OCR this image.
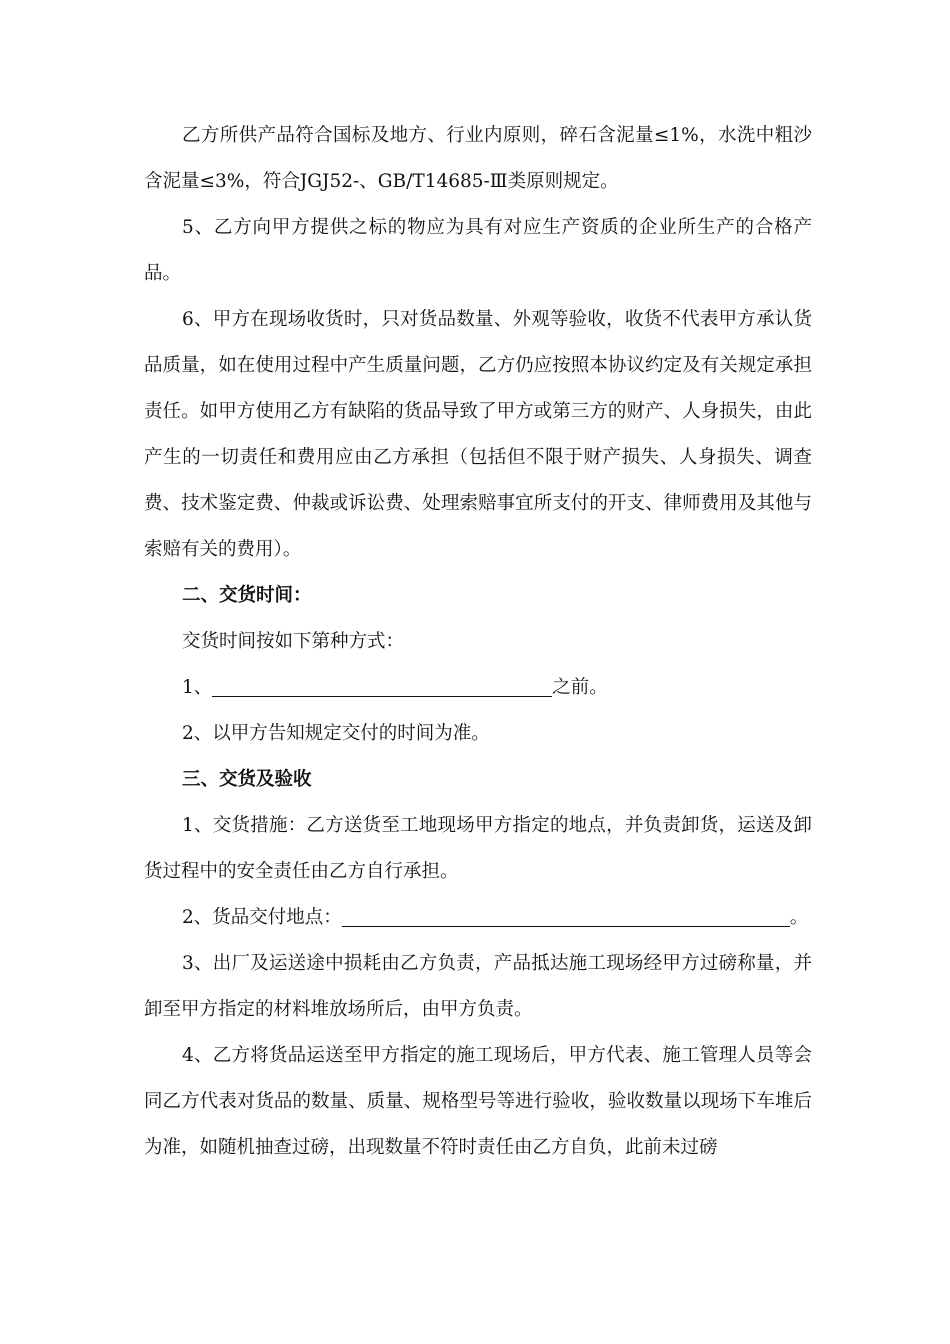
乙方所供产品符合国标及地方、行业内原则，碎石含泥量≤1%，水洗中粗沙含泥量≤3%，符合JGJ52-、GB/T14685-Ⅲ类原则规定。

5、乙方向甲方提供之标的物应为具有对应生产资质的企业所生产的合格产品。

6、甲方在现场收货时，只对货品数量、外观等验收，收货不代表甲方承认货品质量，如在使用过程中产生质量问题，乙方仍应按照本协议约定及有关规定承担责任。如甲方使用乙方有缺陷的货品导致了甲方或第三方的财产、人身损失，由此产生的一切责任和费用应由乙方承担（包括但不限于财产损失、人身损失、调查费、技术鉴定费、仲裁或诉讼费、处理索赔事宜所支付的开支、律师费用及其他与索赔有关的费用）。

二、交货时间：

交货时间按如下第种方式：

1、	之前。

2、以甲方告知规定交付的时间为准。

三、交货及验收

1、交货措施：乙方送货至工地现场甲方指定的地点，并负责卸货，运送及卸货过程中的安全责任由乙方自行承担。

2、货品交付地点：	。

3、出厂及运送途中损耗由乙方负责，产品抵达施工现场经甲方过磅称量，并卸至甲方指定的材料堆放场所后，由甲方负责。

4、乙方将货品运送至甲方指定的施工现场后，甲方代表、施工管理人员等会同乙方代表对货品的数量、质量、规格型号等进行验收，验收数量以现场下车堆后为准，如随机抽查过磅，出现数量不符时责任由乙方自负，此前未过磅
